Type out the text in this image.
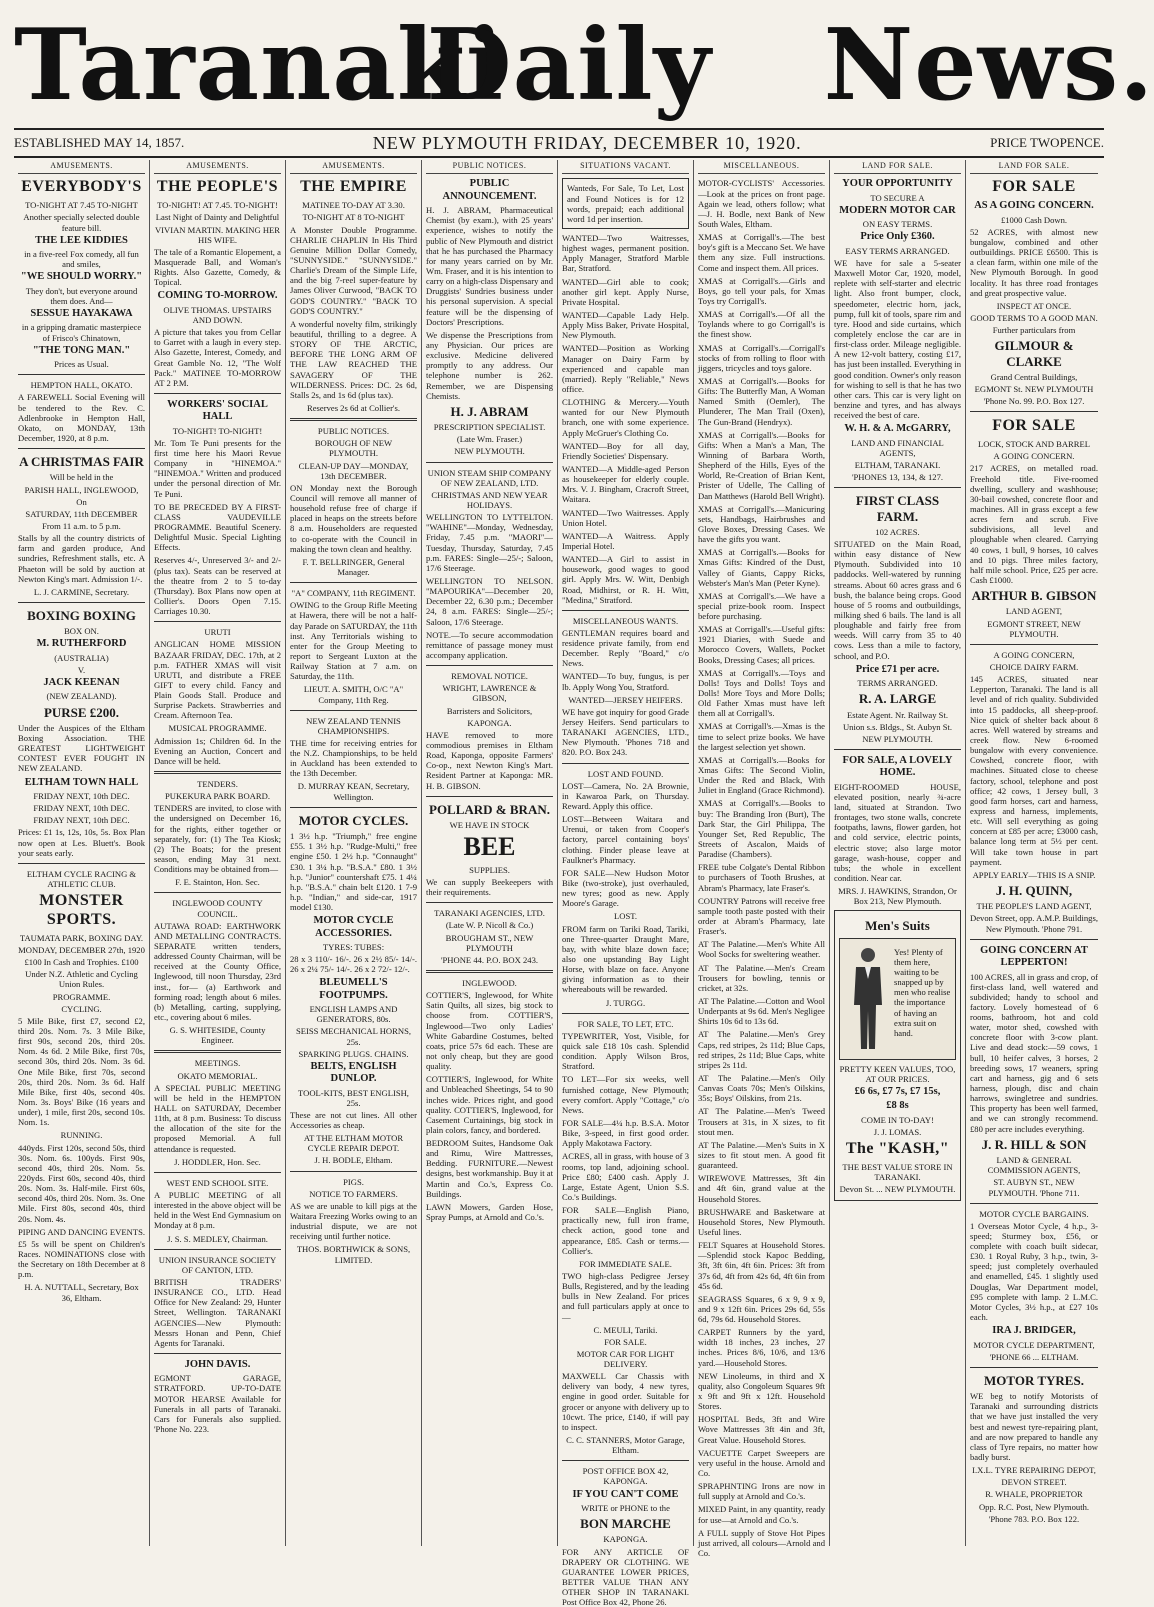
Taranaki Daily News.
ESTABLISHED MAY 14, 1857.	NEW PLYMOUTH FRIDAY, DECEMBER 10, 1920.	PRICE TWOPENCE.
AMUSEMENTS.
EVERYBODY'S
TO-NIGHT AT 7.45 TO-NIGHT
Another specially selected double feature bill.
THE LEE KIDDIES
in a five-reel Fox comedy, all fun and smiles,
"WE SHOULD WORRY."
They don't, but everyone around them does. And—
SESSUE HAYAKAWA
in a gripping dramatic masterpiece of Frisco's Chinatown,
"THE TONG MAN."
Prices as Usual.
HEMPTON HALL, OKATO.
A FAREWELL Social Evening will be tendered to the Rev. C. Adlenbrooke in Hempton Hall, Okato, on MONDAY, 13th December, 1920, at 8 p.m.
A CHRISTMAS FAIR
Will be held in the
PARISH HALL, INGLEWOOD,
On
SATURDAY, 11th DECEMBER
From 11 a.m. to 5 p.m.
Stalls by all the country districts of farm and garden produce, And sundries, Refreshment stalls, etc. A Phaeton will be sold by auction at Newton King's mart. Admission 1/-.
L. J. CARMINE, Secretary.
BOXING BOXING
BOX ON.
M. RUTHERFORD
(AUSTRALIA)
V.
JACK KEENAN
(NEW ZEALAND).
PURSE £200.
Under the Auspices of the Eltham Boxing Association. THE GREATEST LIGHTWEIGHT CONTEST EVER FOUGHT IN NEW ZEALAND.
ELTHAM TOWN HALL
FRIDAY NEXT, 10th DEC.
FRIDAY NEXT, 10th DEC.
FRIDAY NEXT, 10th DEC.
Prices: £1 1s, 12s, 10s, 5s. Box Plan now open at Les. Bluett's. Book your seats early.
ELTHAM CYCLE RACING & ATHLETIC CLUB.
MONSTER SPORTS.
TAUMATA PARK, BOXING DAY.
MONDAY, DECEMBER 27th, 1920
£100 In Cash and Trophies. £100
Under N.Z. Athletic and Cycling Union Rules.
PROGRAMME.
CYCLING.
5 Mile Bike, first £7, second £2, third 20s. Nom. 7s. 3 Mile Bike, first 90s, second 20s, third 20s. Nom. 4s 6d. 2 Mile Bike, first 70s, second 30s, third 20s. Nom. 3s 6d. One Mile Bike, first 70s, second 20s, third 20s. Nom. 3s 6d. Half Mile Bike, first 40s, second 40s. Nom. 3s. Boys' Bike (16 years and under), 1 mile, first 20s, second 10s. Nom. 1s.
RUNNING.
440yds. First 120s, second 50s, third 30s. Nom. 6s. 100yds. First 90s, second 40s, third 20s. Nom. 5s. 220yds. First 60s, second 40s, third 20s. Nom. 3s. Half-mile. First 60s, second 40s, third 20s. Nom. 3s. One Mile. First 80s, second 40s, third 20s. Nom. 4s.
PIPING AND DANCING EVENTS.
£5 5s will be spent on Children's Races. NOMINATIONS close with the Secretary on 18th December at 8 p.m.
H. A. NUTTALL, Secretary, Box 36, Eltham.
AMUSEMENTS.
THE PEOPLE'S
TO-NIGHT! AT 7.45. TO-NIGHT!
Last Night of Dainty and Delightful
VIVIAN MARTIN. MAKING HER HIS WIFE.
The tale of a Romantic Elopement, a Masquerade Ball, and Woman's Rights. Also Gazette, Comedy, & Topical.
COMING TO-MORROW.
OLIVE THOMAS. UPSTAIRS AND DOWN.
A picture that takes you from Cellar to Garret with a laugh in every step. Also Gazette, Interest, Comedy, and Great Gamble No. 12, "The Wolf Pack." MATINEE TO-MORROW AT 2 P.M.
WORKERS' SOCIAL HALL
TO-NIGHT! TO-NIGHT!
Mr. Tom Te Puni presents for the first time here his Maori Revue Company in "HINEMOA." "HINEMOA." Written and produced under the personal direction of Mr. Te Puni.
TO BE PRECEDED BY A FIRST-CLASS VAUDEVILLE PROGRAMME. Beautiful Scenery. Delightful Music. Special Lighting Effects.
Reserves 4/-, Unreserved 3/- and 2/- (plus tax). Seats can be reserved at the theatre from 2 to 5 to-day (Thursday). Box Plans now open at Collier's. Doors Open 7.15. Carriages 10.30.
URUTI
ANGLICAN HOME MISSION BAZAAR FRIDAY, DEC. 17th, at 2 p.m. FATHER XMAS will visit URUTI, and distribute a FREE GIFT to every child. Fancy and Plain Goods Stall. Produce and Surprise Packets. Strawberries and Cream. Afternoon Tea.
MUSICAL PROGRAMME.
Admission 1s; Children 6d. In the Evening an Auction, Concert and Dance will be held.
TENDERS.
PUKEKURA PARK BOARD.
TENDERS are invited, to close with the undersigned on December 16, for the rights, either together or separately, for: (1) The Tea Kiosk; (2) The Boats; for the present season, ending May 31 next. Conditions may be obtained from—
F. E. Stainton, Hon. Sec.
INGLEWOOD COUNTY COUNCIL.
AUTAWA ROAD: EARTHWORK AND METALLING CONTRACTS. SEPARATE written tenders, addressed County Chairman, will be received at the County Office, Inglewood, till noon Thursday, 23rd inst., for— (a) Earthwork and forming road; length about 6 miles. (b) Metalling, carting, supplying, etc., covering about 6 miles.
G. S. WHITESIDE, County Engineer.
MEETINGS.
OKATO MEMORIAL.
A SPECIAL PUBLIC MEETING will be held in the HEMPTON HALL on SATURDAY, December 11th, at 8 p.m. Business: To discuss the allocation of the site for the proposed Memorial. A full attendance is requested.
J. HODDLER, Hon. Sec.
WEST END SCHOOL SITE.
A PUBLIC MEETING of all interested in the above object will be held in the West End Gymnasium on Monday at 8 p.m.
J. S. S. MEDLEY, Chairman.
UNION INSURANCE SOCIETY OF CANTON, LTD.
BRITISH TRADERS' INSURANCE CO., LTD. Head Office for New Zealand: 29, Hunter Street, Wellington. TARANAKI AGENCIES—New Plymouth: Messrs Honan and Penn, Chief Agents for Taranaki.
JOHN DAVIS.
EGMONT GARAGE, STRATFORD. UP-TO-DATE MOTOR HEARSE Available for Funerals in all parts of Taranaki. Cars for Funerals also supplied. 'Phone No. 223.
AMUSEMENTS.
THE EMPIRE
MATINEE TO-DAY AT 3.30.
TO-NIGHT AT 8 TO-NIGHT
A Monster Double Programme. CHARLIE CHAPLIN In His Third Genuine Million Dollar Comedy, "SUNNYSIDE." "SUNNYSIDE." Charlie's Dream of the Simple Life, and the big 7-reel super-feature by James Oliver Curwood, "BACK TO GOD'S COUNTRY." "BACK TO GOD'S COUNTRY."
A wonderful novelty film, strikingly beautiful, thrilling to a degree. A STORY OF THE ARCTIC, BEFORE THE LONG ARM OF THE LAW REACHED THE SAVAGERY OF THE WILDERNESS. Prices: DC. 2s 6d, Stalls 2s, and 1s 6d (plus tax).
Reserves 2s 6d at Collier's.
PUBLIC NOTICES.
BOROUGH OF NEW PLYMOUTH.
CLEAN-UP DAY—MONDAY, 13th DECEMBER.
ON Monday next the Borough Council will remove all manner of household refuse free of charge if placed in heaps on the streets before 8 a.m. Householders are requested to co-operate with the Council in making the town clean and healthy.
F. T. BELLRINGER, General Manager.
"A" COMPANY, 11th REGIMENT.
OWING to the Group Rifle Meeting at Hawera, there will be not a half-day Parade on SATURDAY, the 11th inst. Any Territorials wishing to enter for the Group Meeting to report to Sergeant Luxton at the Railway Station at 7 a.m. on Saturday, the 11th.
LIEUT. A. SMITH, O/C "A" Company, 11th Reg.
NEW ZEALAND TENNIS CHAMPIONSHIPS.
THE time for receiving entries for the N.Z. Championships, to be held in Auckland has been extended to the 13th December.
D. MURRAY KEAN, Secretary, Wellington.
MOTOR CYCLES.
1 3½ h.p. "Triumph," free engine £55. 1 3½ h.p. "Rudge-Multi," free engine £50. 1 2½ h.p. "Connaught" £30. 1 3¼ h.p. "B.S.A." £80. 1 3½ h.p. "Junior" countershaft £75. 1 4¼ h.p. "B.S.A." chain belt £120. 1 7-9 h.p. "Indian," and side-car, 1917 model £130.
MOTOR CYCLE ACCESSORIES.
TYRES: TUBES:
28 x 3 110/- 16/-. 26 x 2½ 85/- 14/-. 26 x 2¼ 75/- 14/-. 26 x 2 72/- 12/-.
BLEUMELL'S FOOTPUMPS.
ENGLISH LAMPS AND GENERATORS, 80s.
SEISS MECHANICAL HORNS, 25s.
SPARKING PLUGS. CHAINS.
BELTS, ENGLISH DUNLOP.
TOOL-KITS, BEST ENGLISH, 25s.
These are not cut lines. All other Accessories as cheap.
AT THE ELTHAM MOTOR CYCLE REPAIR DEPOT.
J. H. BODLE, Eltham.
PIGS.
NOTICE TO FARMERS.
AS we are unable to kill pigs at the Waitara Freezing Works owing to an industrial dispute, we are not receiving until further notice.
THOS. BORTHWICK & SONS, LIMITED.
PUBLIC NOTICES.
PUBLIC ANNOUNCEMENT.
H. J. ABRAM, Pharmaceutical Chemist (by exam.), with 25 years' experience, wishes to notify the public of New Plymouth and district that he has purchased the Pharmacy for many years carried on by Mr. Wm. Fraser, and it is his intention to carry on a high-class Dispensary and Druggists' Sundries business under his personal supervision. A special feature will be the dispensing of Doctors' Prescriptions.
We dispense the Prescriptions from any Physician. Our prices are exclusive. Medicine delivered promptly to any address. Our telephone number is 262. Remember, we are Dispensing Chemists.
H. J. ABRAM
PRESCRIPTION SPECIALIST.
(Late Wm. Fraser.)
NEW PLYMOUTH.
UNION STEAM SHIP COMPANY OF NEW ZEALAND, LTD.
CHRISTMAS AND NEW YEAR HOLIDAYS.
WELLINGTON TO LYTTELTON. "WAHINE"—Monday, Wednesday, Friday, 7.45 p.m. "MAORI"—Tuesday, Thursday, Saturday, 7.45 p.m. FARES: Single—25/-; Saloon, 17/6 Steerage.
WELLINGTON TO NELSON. "MAPOURIKA"—December 20, December 22, 6.30 p.m.; December 24, 8 a.m. FARES: Single—25/-; Saloon, 17/6 Steerage.
NOTE.—To secure accommodation remittance of passage money must accompany application.
REMOVAL NOTICE.
WRIGHT, LAWRENCE & GIBSON,
Barristers and Solicitors,
KAPONGA.
HAVE removed to more commodious premises in Eltham Road, Kaponga, opposite Farmers' Co-op., next Newton King's Mart. Resident Partner at Kaponga: MR. H. B. GIBSON.
POLLARD & BRAN.
WE HAVE IN STOCK
BEE
SUPPLIES.
We can supply Beekeepers with their requirements.
TARANAKI AGENCIES, LTD.
(Late W. P. Nicoll & Co.)
BROUGHAM ST., NEW PLYMOUTH
'PHONE 44. P.O. BOX 243.
INGLEWOOD.
COTTIER'S, Inglewood, for White Satin Quilts, all sizes, big stock to choose from. COTTIER'S, Inglewood—Two only Ladies' White Gabardine Costumes, belted coats, price 57s 6d each. These are not only cheap, but they are good quality.
COTTIER'S, Inglewood, for White and Unbleached Sheetings, 54 to 90 inches wide. Prices right, and good quality. COTTIER'S, Inglewood, for Casement Curtainings, big stock in plain colors, fancy, and bordered.
BEDROOM Suites, Handsome Oak and Rimu, Wire Mattresses, Bedding. FURNITURE.—Newest designs, best workmanship. Buy it at Martin and Co.'s, Express Co. Buildings.
LAWN Mowers, Garden Hose, Spray Pumps, at Arnold and Co.'s.
SITUATIONS VACANT.
Wanteds, For Sale, To Let, Lost and Found Notices is for 12 words, prepaid; each additional word 1d per insertion.
WANTED—Two Waitresses, highest wages, permanent position. Apply Manager, Stratford Marble Bar, Stratford.
WANTED—Girl able to cook; another girl kept. Apply Nurse, Private Hospital.
WANTED—Capable Lady Help. Apply Miss Baker, Private Hospital, New Plymouth.
WANTED—Position as Working Manager on Dairy Farm by experienced and capable man (married). Reply "Reliable," News office.
CLOTHING & Mercery.—Youth wanted for our New Plymouth branch, one with some experience. Apply McGruer's Clothing Co.
WANTED—Boy for all day, Friendly Societies' Dispensary.
WANTED—A Middle-aged Person as housekeeper for elderly couple. Mrs. V. J. Bingham, Cracroft Street, Waitara.
WANTED—Two Waitresses. Apply Union Hotel.
WANTED—A Waitress. Apply Imperial Hotel.
WANTED—A Girl to assist in housework, good wages to good girl. Apply Mrs. W. Witt, Denbigh Road, Midhirst, or R. H. Witt, "Medina," Stratford.
MISCELLANEOUS WANTS.
GENTLEMAN requires board and residence private family, from end December. Reply "Board," c/o News.
WANTED—To buy, fungus, is per lb. Apply Wong You, Stratford.
WANTED—JERSEY HEIFERS.
WE have got inquiry for good Grade Jersey Heifers. Send particulars to TARANAKI AGENCIES, LTD., New Plymouth. 'Phones 718 and 820. P.O. Box 243.
LOST AND FOUND.
LOST—Camera, No. 2A Brownie, in Kawaroa Park, on Thursday. Reward. Apply this office.
LOST—Between Waitara and Urenui, or taken from Cooper's factory, parcel containing boys' clothing. Finder please leave at Faulkner's Pharmacy.
FOR SALE—New Hudson Motor Bike (two-stroke), just overhauled, new tyres; good as new. Apply Moore's Garage.
LOST.
FROM farm on Tariki Road, Tariki, one Three-quarter Draught Mare, bay, with white blaze down face; also one upstanding Bay Light Horse, with blaze on face. Anyone giving information as to their whereabouts will be rewarded.
J. TURGG.
FOR SALE, TO LET, ETC.
TYPEWRITER, Yost, Visible, for quick sale £18 10s cash. Splendid condition. Apply Wilson Bros, Stratford.
TO LET—For six weeks, well furnished cottage, New Plymouth; every comfort. Apply "Cottage," c/o News.
FOR SALE—4¼ h.p. B.S.A. Motor Bike, 3-speed, in first good order. Apply Makotawa Factory.
ACRES, all in grass, with house of 3 rooms, top land, adjoining school. Price £80; £400 cash. Apply J. Large, Estate Agent, Union S.S. Co.'s Buildings.
FOR SALE—English Piano, practically new, full iron frame, check action, good tone and appearance, £85. Cash or terms.—Collier's.
FOR IMMEDIATE SALE.
TWO high-class Pedigree Jersey Bulls, Registered, and by the leading bulls in New Zealand. For prices and full particulars apply at once to—
C. MEULI, Tariki.
FOR SALE.
MOTOR CAR FOR LIGHT DELIVERY.
MAXWELL Car Chassis with delivery van body, 4 new tyres, engine in good order. Suitable for grocer or anyone with delivery up to 10cwt. The price, £140, if will pay to inspect.
C. C. STANNERS, Motor Garage, Eltham.
POST OFFICE BOX 42, KAPONGA.
IF YOU CAN'T COME
WRITE or PHONE to the
BON MARCHE
KAPONGA.
FOR ANY ARTICLE OF DRAPERY OR CLOTHING. WE GUARANTEE LOWER PRICES, BETTER VALUE THAN ANY OTHER SHOP IN TARANAKI. Post Office Box 42, Phone 26.
MISCELLANEOUS.
MOTOR-CYCLISTS' Accessories.—Look at the prices on front page. Again we lead, others follow; what—J. H. Bodle, next Bank of New South Wales, Eltham.
XMAS at Corrigall's.—The best boy's gift is a Meccano Set. We have them any size. Full instructions. Come and inspect them. All prices.
XMAS at Corrigall's.—Girls and Boys, go tell your pals, for Xmas Toys try Corrigall's.
XMAS at Corrigall's.—Of all the Toylands where to go Corrigall's is the finest show.
XMAS at Corrigall's.—Corrigall's stocks of from rolling to floor with jiggers, tricycles and toys galore.
XMAS at Corrigall's.—Books for Gifts: The Butterfly Man, A Woman Named Smith (Oemler), The Plunderer, The Man Trail (Oxen), The Gun-Brand (Hendryx).
XMAS at Corrigall's.—Books for Gifts: When a Man's a Man, The Winning of Barbara Worth, Shepherd of the Hills, Eyes of the World, Re-Creation of Brian Kent, Prister of Udelle, The Calling of Dan Matthews (Harold Bell Wright).
XMAS at Corrigall's.—Manicuring sets, Handbags, Hairbrushes and Glove Boxes, Dressing Cases. We have the gifts you want.
XMAS at Corrigall's.—Books for Xmas Gifts: Kindred of the Dust, Valley of Giants, Cappy Ricks, Webster's Man's Man (Peter Kyne).
XMAS at Corrigall's.—We have a special prize-book room. Inspect before purchasing.
XMAS at Corrigall's.—Useful gifts: 1921 Diaries, with Suede and Morocco Covers, Wallets, Pocket Books, Dressing Cases; all prices.
XMAS at Corrigall's.—Toys and Dolls! Toys and Dolls! Toys and Dolls! More Toys and More Dolls; Old Father Xmas must have left them all at Corrigall's.
XMAS at Corrigall's.—Xmas is the time to select prize books. We have the largest selection yet shown.
XMAS at Corrigall's.—Books for Xmas Gifts: The Second Violin, Under the Red and Black, With Juliet in England (Grace Richmond).
XMAS at Corrigall's.—Books to buy: The Branding Iron (Burt), The Dark Star, the Girl Philippa, The Younger Set, Red Republic, The Streets of Ascalon, Maids of Paradise (Chambers).
FREE tube Colgate's Dental Ribbon to purchasers of Tooth Brushes, at Abram's Pharmacy, late Fraser's.
COUNTRY Patrons will receive free sample tooth paste posted with their order at Abram's Pharmacy, late Fraser's.
AT The Palatine.—Men's White All Wool Socks for sweltering weather.
AT The Palatine.—Men's Cream Trousers for bowling, tennis or cricket, at 32s.
AT The Palatine.—Cotton and Wool Underpants at 9s 6d. Men's Negligee Shirts 10s 6d to 13s 6d.
AT The Palatine.—Men's Grey Caps, red stripes, 2s 11d; Blue Caps, red stripes, 2s 11d; Blue Caps, white stripes 2s 11d.
AT The Palatine.—Men's Oily Canvas Coats 70s; Men's Oilskins, 35s; Boys' Oilskins, from 21s.
AT The Palatine.—Men's Tweed Trousers at 31s, in X sizes, to fit stout men.
AT The Palatine.—Men's Suits in X sizes to fit stout men. A good fit guaranteed.
WIREWOVE Mattresses, 3ft 4in and 4ft 6in, grand value at the Household Stores.
BRUSHWARE and Basketware at Household Stores, New Plymouth. Useful lines.
FELT Squares at Household Stores.—Splendid stock Kapoc Bedding, 3ft, 3ft 6in, 4ft 6in. Prices: 3ft from 37s 6d, 4ft from 42s 6d, 4ft 6in from 45s 6d.
SEAGRASS Squares, 6 x 9, 9 x 9, and 9 x 12ft 6in. Prices 29s 6d, 55s 6d, 79s 6d. Household Stores.
CARPET Runners by the yard, width 18 inches, 23 inches, 27 inches. Prices 8/6, 10/6, and 13/6 yard.—Household Stores.
NEW Linoleums, in third and X quality, also Congoleum Squares 9ft x 9ft and 9ft x 12ft. Household Stores.
HOSPITAL Beds, 3ft and Wire Wove Mattresses 3ft 4in and 3ft, Great Value. Household Stores.
VACUETTE Carpet Sweepers are very useful in the house. Arnold and Co.
SPRAPHNTING Irons are now in full supply at Arnold and Co.'s.
MIXED Paint, in any quantity, ready for use—at Arnold and Co.'s.
A FULL supply of Stove Hot Pipes just arrived, all colours—Arnold and Co.
LAND FOR SALE.
YOUR OPPORTUNITY
TO SECURE A
MODERN MOTOR CAR
ON EASY TERMS.
Price Only £360.
EASY TERMS ARRANGED.
WE have for sale a 5-seater Maxwell Motor Car, 1920, model, replete with self-starter and electric light. Also front bumper, clock, speedometer, electric horn, jack, pump, full kit of tools, spare rim and tyre. Hood and side curtains, which completely enclose the car are in first-class order. Mileage negligible. A new 12-volt battery, costing £17, has just been installed. Everything in good condition. Owner's only reason for wishing to sell is that he has two other cars. This car is very light on benzine and tyres, and has always received the best of care.
W. H. & A. McGARRY,
LAND AND FINANCIAL AGENTS,
ELTHAM, TARANAKI.
'PHONES 13, 134, & 127.
FIRST CLASS FARM.
102 ACRES.
SITUATED on the Main Road, within easy distance of New Plymouth. Subdivided into 10 paddocks. Well-watered by running streams. About 60 acres grass and 6 bush, the balance being crops. Good house of 5 rooms and outbuildings, milking shed 6 bails. The land is all ploughable and fairly free from weeds. Will carry from 35 to 40 cows. Less than a mile to factory, school, and P.O.
Price £71 per acre.
TERMS ARRANGED.
R. A. LARGE
Estate Agent. Nr. Railway St.
Union s.s. Bldgs., St. Aubyn St.
NEW PLYMOUTH.
FOR SALE, A LOVELY HOME.
EIGHT-ROOMED HOUSE, elevated position, nearly ¾-acre land, situated at Strandon. Two frontages, two stone walls, concrete footpaths, lawns, flower garden, hot and cold service, electric points, electric stove; also large motor garage, wash-house, copper and tubs; the whole in excellent condition. Near car.
MRS. J. HAWKINS, Strandon, Or Box 213, New Plymouth.
Men's Suits
Yes! Plenty of them here, waiting to be snapped up by men who realise the importance of having an extra suit on hand.
PRETTY KEEN VALUES, TOO, AT OUR PRICES.
£6 6s, £7 7s, £7 15s,
£8 8s
COME IN TO-DAY!
J. J. LOMAS.
The "KASH,"
THE BEST VALUE STORE IN TARANAKI.
Devon St. ... NEW PLYMOUTH.
LAND FOR SALE.
FOR SALE
AS A GOING CONCERN.
£1000 Cash Down.
52 ACRES, with almost new bungalow, combined and other outbuildings. PRICE £6500. This is a clean farm, within one mile of the New Plymouth Borough. In good locality. It has three road frontages and great prospective value.
INSPECT AT ONCE.
GOOD TERMS TO A GOOD MAN.
Further particulars from
GILMOUR & CLARKE
Grand Central Buildings,
EGMONT St. NEW PLYMOUTH
'Phone No. 99. P.O. Box 127.
FOR SALE
LOCK, STOCK AND BARREL
A GOING CONCERN.
217 ACRES, on metalled road. Freehold title. Five-roomed dwelling, scullery and washhouse; 30-bail cowshed, concrete floor and machines. All in grass except a few acres fern and scrub. Five subdivisions, all level and ploughable when cleared. Carrying 40 cows, 1 bull, 9 horses, 10 calves and 10 pigs. Three miles factory, half mile school. Price, £25 per acre. Cash £1000.
ARTHUR B. GIBSON
LAND AGENT,
EGMONT STREET, NEW PLYMOUTH.
A GOING CONCERN,
CHOICE DAIRY FARM.
145 ACRES, situated near Lepperton, Taranaki. The land is all level and of rich quality. Subdivided into 15 paddocks, all sheep-proof. Nice quick of shelter back about 8 acres. Well watered by streams and creek flow. New 6-roomed bungalow with every convenience. Cowshed, concrete floor, with machines. Situated close to cheese factory, school, telephone and post office; 42 cows, 1 Jersey bull, 3 good farm horses, cart and harness, express and harness, implements, etc. Will sell everything as going concern at £85 per acre; £3000 cash, balance long term at 5½ per cent. Will take town house in part payment.
APPLY EARLY—THIS IS A SNIP.
J. H. QUINN,
THE PEOPLE'S LAND AGENT,
Devon Street, opp. A.M.P. Buildings, New Plymouth. 'Phone 791.
GOING CONCERN AT LEPPERTON!
100 ACRES, all in grass and crop, of first-class land, well watered and subdivided; handy to school and factory. Lovely homestead of 6 rooms, bathroom, hot and cold water, motor shed, cowshed with concrete floor with 3-cow plant. Live and dead stock:—59 cows, 1 bull, 10 heifer calves, 3 horses, 2 breeding sows, 17 weaners, spring cart and harness, gig and 6 sets harness, plough, disc and chain harrows, swingletree and sundries. This property has been well farmed, and we can strongly recommend. £80 per acre includes everything.
J. R. HILL & SON
LAND & GENERAL COMMISSION AGENTS,
ST. AUBYN ST., NEW PLYMOUTH. 'Phone 711.
MOTOR CYCLE BARGAINS.
1 Overseas Motor Cycle, 4 h.p., 3-speed; Sturmey box, £56, or complete with coach built sidecar, £30. 1 Royal Ruby, 3 h.p., twin, 3-speed; just completely overhauled and enamelled, £45. 1 slightly used Douglas, War Department model, £95 complete with lamp. 2 L.M.C. Motor Cycles, 3½ h.p., at £27 10s each.
IRA J. BRIDGER,
MOTOR CYCLE DEPARTMENT,
'PHONE 66 ... ELTHAM.
MOTOR TYRES.
WE beg to notify Motorists of Taranaki and surrounding districts that we have just installed the very best and newest tyre-repairing plant, and are now prepared to handle any class of Tyre repairs, no matter how badly burst.
I.X.L. TYRE REPAIRING DEPOT,
DEVON STREET.
R. WHALE, PROPRIETOR
Opp. R.C. Post, New Plymouth.
'Phone 783. P.O. Box 122.
